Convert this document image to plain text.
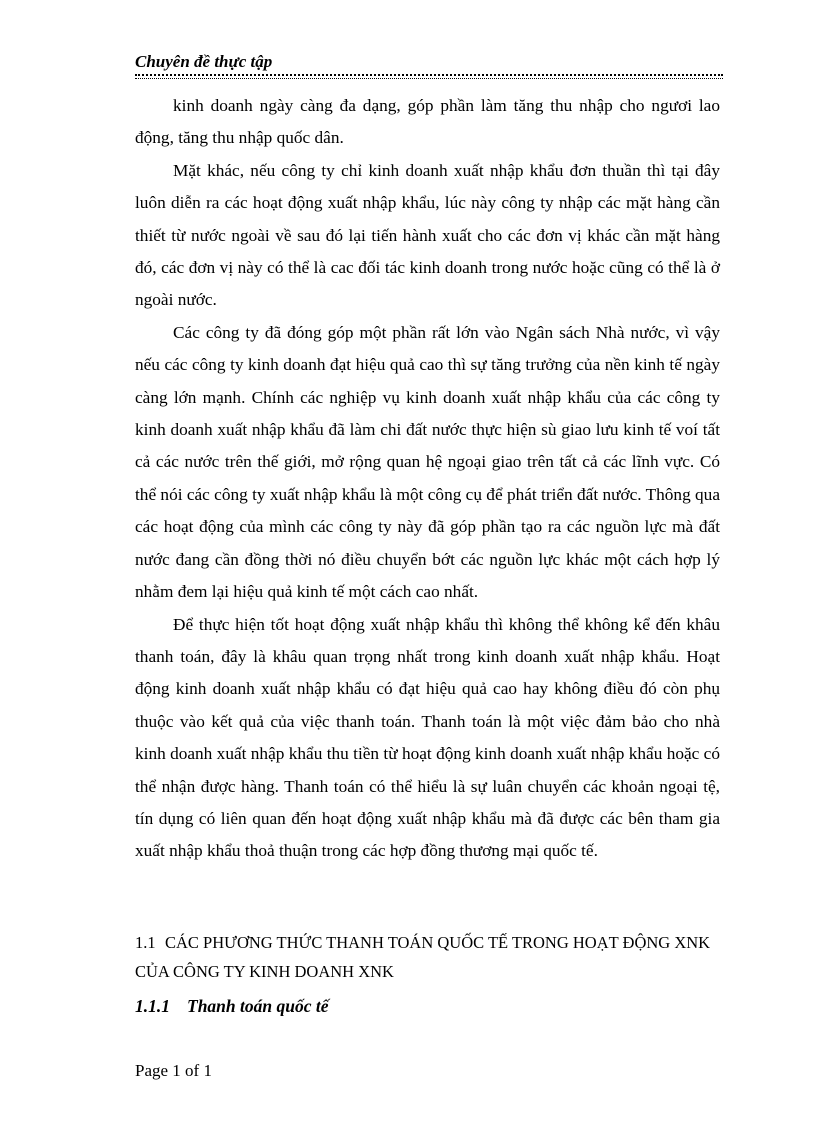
Chuyên đề thực tập

kinh doanh ngày càng đa dạng, góp phần làm tăng thu nhập cho ngươi lao động, tăng thu nhập quốc dân.

Mặt khác, nếu công ty chỉ kinh doanh xuất nhập khẩu đơn thuần thì tại đây luôn diễn ra các hoạt động xuất nhập khẩu, lúc này công ty nhập các mặt hàng cần thiết từ nước ngoài về sau đó lại tiến hành xuất cho các đơn vị khác cần mặt hàng đó, các đơn vị này có thể là cac đối tác kinh doanh trong nước hoặc cũng có thể là ở ngoài nước.

Các công ty đã đóng góp một phần rất lớn vào Ngân sách Nhà nước, vì vậy nếu các công ty kinh doanh đạt hiệu quả cao thì sự tăng trưởng của nền kinh tế ngày càng lớn mạnh. Chính các nghiệp vụ kinh doanh xuất nhập khẩu của các công ty kinh doanh xuất nhập khẩu đã làm chi đất nước thực hiện sù giao lưu kinh tế voí tất cả các nước trên thế giới, mở rộng quan hệ ngoại giao trên tất cả các lĩnh vực. Có thể nói các công ty xuất nhập khẩu là một công cụ để phát triển đất nước. Thông qua các hoạt động của mình các công ty này đã góp phần tạo ra các nguồn lực mà đất nước đang cần đồng thời nó điều chuyển bớt các nguồn lực khác một cách hợp lý nhằm đem lại hiệu quả kinh tế một cách cao nhất.

Để thực hiện tốt hoạt động xuất nhập khẩu thì không thể không kể đến khâu thanh toán, đây là khâu quan trọng nhất trong kinh doanh xuất nhập khẩu. Hoạt động kinh doanh xuất nhập khẩu có đạt hiệu quả cao hay không điều đó còn phụ thuộc vào kết quả của việc thanh toán. Thanh toán là một việc đảm bảo cho nhà kinh doanh xuất nhập khẩu thu tiền từ hoạt động kinh doanh xuất nhập khẩu hoặc có thể nhận được hàng. Thanh toán có thể hiểu là sự luân chuyển các khoản ngoại tệ, tín dụng có liên quan đến hoạt động xuất nhập khẩu mà đã được các bên tham gia xuất nhập khẩu thoả thuận trong các hợp đồng thương mại quốc tế.

1.1 CÁC PHƯƠNG THỨC THANH TOÁN QUỐC TẾ TRONG HOẠT ĐỘNG XNK CỦA CÔNG TY KINH DOANH XNK
1.1.1 Thanh toán quốc tế
Page 1 of 1
